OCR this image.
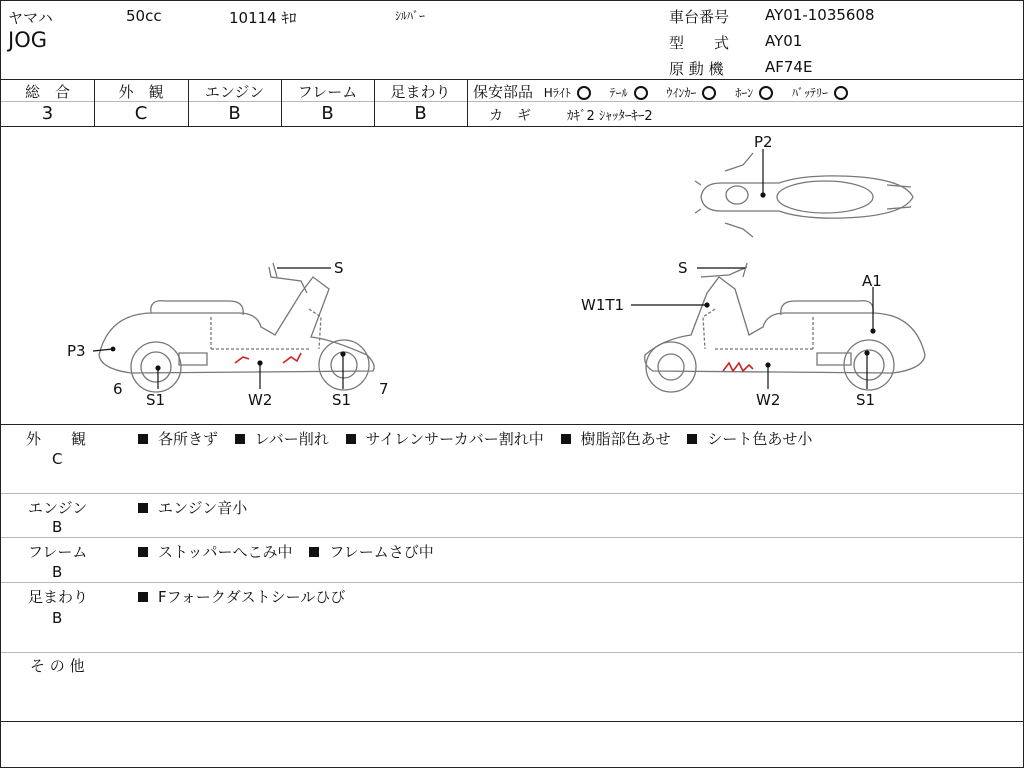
ヤマハ	50cc	10114 ｷﾛ	ｼﾙﾊﾞｰ
JOG
車台番号 AY01-1035608
型　　式 AY01
原 動 機	AF74E
総　合
3
外　観
C
エンジン
B
フレーム
B
足まわり
B
保安部品 Hﾗｲﾄ	ﾃｰﾙ	ｳｲﾝｶｰ	ﾎｰﾝ	ﾊﾞｯﾃﾘｰ
カ　ギ	ｶｷﾞ2 ｼｬｯﾀｰｷｰ2
S
P3
6
S1	W2	S1
7
S
A1
W1T1
W2	S1
P2
外　　観
C
各所きず レバー削れ サイレンサーカバー割れ中 樹脂部色あせ シート色あせ小
エンジン
B
エンジン音小
フレーム
B
ストッパーへこみ中 フレームさび中
足まわり
B
Fフォークダストシールひび
そ の 他
